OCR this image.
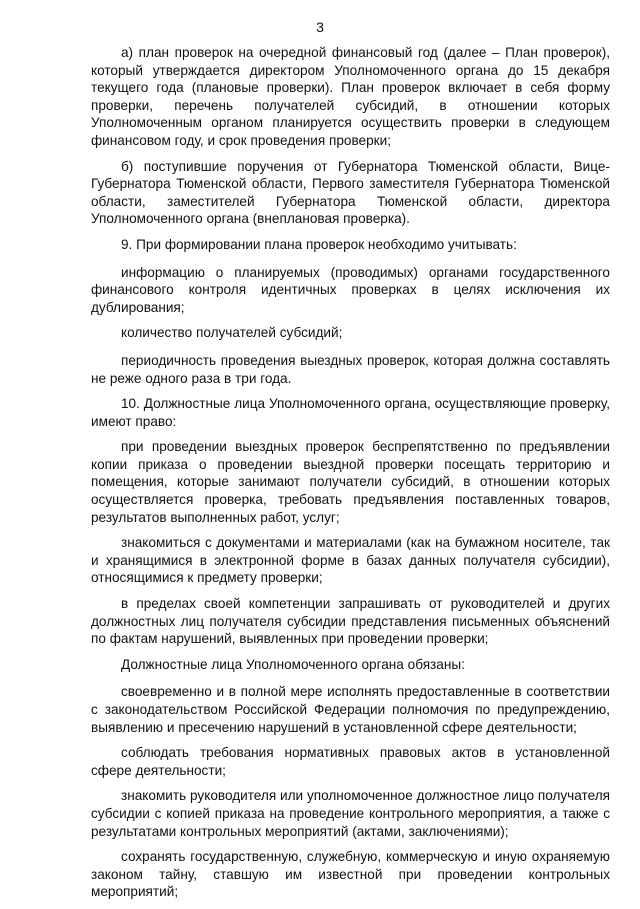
3

а) план проверок на очередной финансовый год (далее – План проверок), который утверждается директором Уполномоченного органа до 15 декабря текущего года (плановые проверки). План проверок включает в себя форму проверки, перечень получателей субсидий, в отношении которых Уполномоченным органом планируется осуществить проверки в следующем финансовом году, и срок проведения проверки;

б) поступившие поручения от Губернатора Тюменской области, Вице-Губернатора Тюменской области, Первого заместителя Губернатора Тюменской области, заместителей Губернатора Тюменской области, директора Уполномоченного органа (внеплановая проверка).

9. При формировании плана проверок необходимо учитывать:

информацию о планируемых (проводимых) органами государственного финансового контроля идентичных проверках в целях исключения их дублирования;

количество получателей субсидий;

периодичность проведения выездных проверок, которая должна составлять не реже одного раза в три года.

10. Должностные лица Уполномоченного органа, осуществляющие проверку, имеют право:

при проведении выездных проверок беспрепятственно по предъявлении копии приказа о проведении выездной проверки посещать территорию и помещения, которые занимают получатели субсидий, в отношении которых осуществляется проверка, требовать предъявления поставленных товаров, результатов выполненных работ, услуг;

знакомиться с документами и материалами (как на бумажном носителе, так и хранящимися в электронной форме в базах данных получателя субсидии), относящимися к предмету проверки;

в пределах своей компетенции запрашивать от руководителей и других должностных лиц получателя субсидии представления письменных объяснений по фактам нарушений, выявленных при проведении проверки;

Должностные лица Уполномоченного органа обязаны:

своевременно и в полной мере исполнять предоставленные в соответствии с законодательством Российской Федерации полномочия по предупреждению, выявлению и пресечению нарушений в установленной сфере деятельности;

соблюдать требования нормативных правовых актов в установленной сфере деятельности;

знакомить руководителя или уполномоченное должностное лицо получателя субсидии с копией приказа на проведение контрольного мероприятия, а также с результатами контрольных мероприятий (актами, заключениями);

сохранять государственную, служебную, коммерческую и иную охраняемую законом тайну, ставшую им известной при проведении контрольных мероприятий;
